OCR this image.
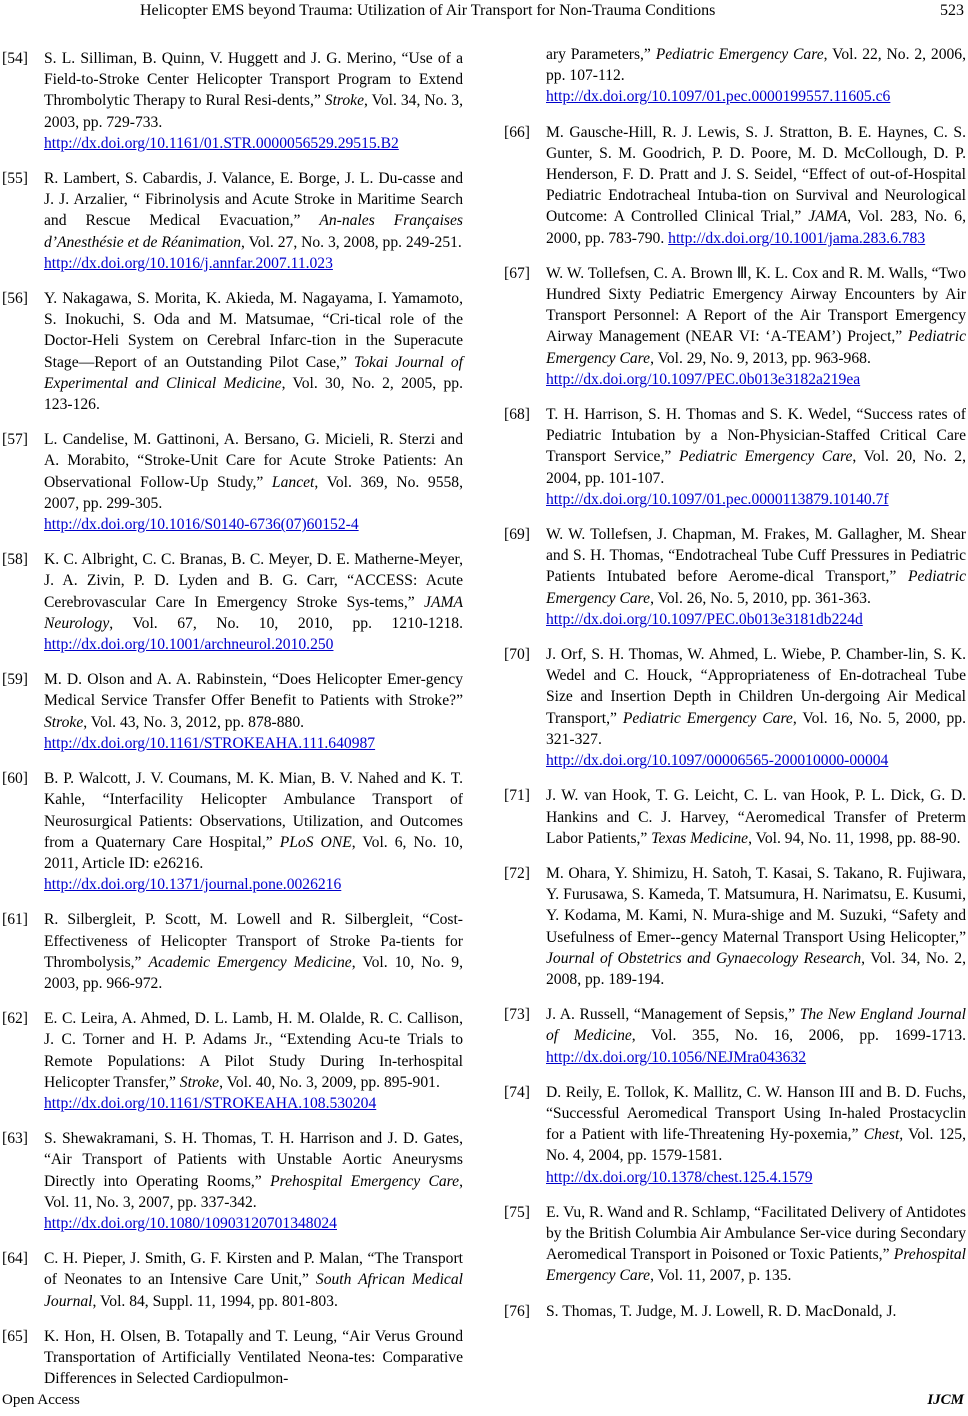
Helicopter EMS beyond Trauma: Utilization of Air Transport for Non-Trauma Conditions	523
[54]	S. L. Silliman, B. Quinn, V. Huggett and J. G. Merino, “Use of a Field-to-Stroke Center Helicopter Transport Program to Extend Thrombolytic Therapy to Rural Resi-dents,” Stroke, Vol. 34, No. 3, 2003, pp. 729-733.
http://dx.doi.org/10.1161/01.STR.0000056529.29515.B2
[55]	R. Lambert, S. Cabardis, J. Valance, E. Borge, J. L. Du-casse and J. J. Arzalier, “ Fibrinolysis and Acute Stroke in Maritime Search and Rescue Medical Evacuation,” An-nales Françaises d’Anesthésie et de Réanimation, Vol. 27, No. 3, 2008, pp. 249-251.
http://dx.doi.org/10.1016/j.annfar.2007.11.023
[56]	Y. Nakagawa, S. Morita, K. Akieda, M. Nagayama, I. Yamamoto, S. Inokuchi, S. Oda and M. Matsumae, “Cri-tical role of the Doctor-Heli System on Cerebral Infarc-tion in the Superacute Stage—Report of an Outstanding Pilot Case,” Tokai Journal of Experimental and Clinical Medicine, Vol. 30, No. 2, 2005, pp. 123-126.
[57]	L. Candelise, M. Gattinoni, A. Bersano, G. Micieli, R. Sterzi and A. Morabito, “Stroke-Unit Care for Acute Stroke Patients: An Observational Follow-Up Study,” Lancet, Vol. 369, No. 9558, 2007, pp. 299-305.
http://dx.doi.org/10.1016/S0140-6736(07)60152-4
[58]	K. C. Albright, C. C. Branas, B. C. Meyer, D. E. Matherne-Meyer, J. A. Zivin, P. D. Lyden and B. G. Carr, “ACCESS: Acute Cerebrovascular Care In Emergency Stroke Sys-tems,” JAMA Neurology, Vol. 67, No. 10, 2010, pp. 1210-1218. http://dx.doi.org/10.1001/archneurol.2010.250
[59]	M. D. Olson and A. A. Rabinstein, “Does Helicopter Emer-gency Medical Service Transfer Offer Benefit to Patients with Stroke?” Stroke, Vol. 43, No. 3, 2012, pp. 878-880.
http://dx.doi.org/10.1161/STROKEAHA.111.640987
[60]	B. P. Walcott, J. V. Coumans, M. K. Mian, B. V. Nahed and K. T. Kahle, “Interfacility Helicopter Ambulance Transport of Neurosurgical Patients: Observations, Utilization, and Outcomes from a Quaternary Care Hospital,” PLoS ONE, Vol. 6, No. 10, 2011, Article ID: e26216.
http://dx.doi.org/10.1371/journal.pone.0026216
[61]	R. Silbergleit, P. Scott, M. Lowell and R. Silbergleit, “Cost-Effectiveness of Helicopter Transport of Stroke Pa-tients for Thrombolysis,” Academic Emergency Medicine, Vol. 10, No. 9, 2003, pp. 966-972.
[62]	E. C. Leira, A. Ahmed, D. L. Lamb, H. M. Olalde, R. C. Callison, J. C. Torner and H. P. Adams Jr., “Extending Acu-te Trials to Remote Populations: A Pilot Study During In-terhospital Helicopter Transfer,” Stroke, Vol. 40, No. 3, 2009, pp. 895-901.
http://dx.doi.org/10.1161/STROKEAHA.108.530204
[63]	S. Shewakramani, S. H. Thomas, T. H. Harrison and J. D. Gates, “Air Transport of Patients with Unstable Aortic Aneurysms Directly into Operating Rooms,” Prehospital Emergency Care, Vol. 11, No. 3, 2007, pp. 337-342.
http://dx.doi.org/10.1080/10903120701348024
[64]	C. H. Pieper, J. Smith, G. F. Kirsten and P. Malan, “The Transport of Neonates to an Intensive Care Unit,” South African Medical Journal, Vol. 84, Suppl. 11, 1994, pp. 801-803.
[65]	K. Hon, H. Olsen, B. Totapally and T. Leung, “Air Verus Ground Transportation of Artificially Ventilated Neona-tes: Comparative Differences in Selected Cardiopulmon-
ary Parameters,” Pediatric Emergency Care, Vol. 22, No. 2, 2006, pp. 107-112.
http://dx.doi.org/10.1097/01.pec.0000199557.11605.c6
[66]	M. Gausche-Hill, R. J. Lewis, S. J. Stratton, B. E. Haynes, C. S. Gunter, S. M. Goodrich, P. D. Poore, M. D. McCollough, D. P. Henderson, F. D. Pratt and J. S. Seidel, “Effect of out-of-Hospital Pediatric Endotracheal Intuba-tion on Survival and Neurological Outcome: A Controlled Clinical Trial,” JAMA, Vol. 283, No. 6, 2000, pp. 783-790. http://dx.doi.org/10.1001/jama.283.6.783
[67]	W. W. Tollefsen, C. A. Brown Ⅲ, K. L. Cox and R. M. Walls, “Two Hundred Sixty Pediatric Emergency Airway Encounters by Air Transport Personnel: A Report of the Air Transport Emergency Airway Management (NEAR VI: ‘A-TEAM’) Project,” Pediatric Emergency Care, Vol. 29, No. 9, 2013, pp. 963-968.
http://dx.doi.org/10.1097/PEC.0b013e3182a219ea
[68]	T. H. Harrison, S. H. Thomas and S. K. Wedel, “Success rates of Pediatric Intubation by a Non-Physician-Staffed Critical Care Transport Service,” Pediatric Emergency Care, Vol. 20, No. 2, 2004, pp. 101-107.
http://dx.doi.org/10.1097/01.pec.0000113879.10140.7f
[69]	W. W. Tollefsen, J. Chapman, M. Frakes, M. Gallagher, M. Shear and S. H. Thomas, “Endotracheal Tube Cuff Pressures in Pediatric Patients Intubated before Aerome-dical Transport,” Pediatric Emergency Care, Vol. 26, No. 5, 2010, pp. 361-363.
http://dx.doi.org/10.1097/PEC.0b013e3181db224d
[70]	J. Orf, S. H. Thomas, W. Ahmed, L. Wiebe, P. Chamber-lin, S. K. Wedel and C. Houck, “Appropriateness of En-dotracheal Tube Size and Insertion Depth in Children Un-dergoing Air Medical Transport,” Pediatric Emergency Care, Vol. 16, No. 5, 2000, pp. 321-327.
http://dx.doi.org/10.1097/00006565-200010000-00004
[71]	J. W. van Hook, T. G. Leicht, C. L. van Hook, P. L. Dick, G. D. Hankins and C. J. Harvey, “Aeromedical Transfer of Preterm Labor Patients,” Texas Medicine, Vol. 94, No. 11, 1998, pp. 88-90.
[72]	M. Ohara, Y. Shimizu, H. Satoh, T. Kasai, S. Takano, R. Fujiwara, Y. Furusawa, S. Kameda, T. Matsumura, H. Narimatsu, E. Kusumi, Y. Kodama, M. Kami, N. Mura-shige and M. Suzuki, “Safety and Usefulness of Emer--gency Maternal Transport Using Helicopter,” Journal of Obstetrics and Gynaecology Research, Vol. 34, No. 2, 2008, pp. 189-194.
[73]	J. A. Russell, “Management of Sepsis,” The New England Journal of Medicine, Vol. 355, No. 16, 2006, pp. 1699-1713. http://dx.doi.org/10.1056/NEJMra043632
[74]	D. Reily, E. Tollok, K. Mallitz, C. W. Hanson III and B. D. Fuchs, “Successful Aeromedical Transport Using In-haled Prostacyclin for a Patient with life-Threatening Hy-poxemia,” Chest, Vol. 125, No. 4, 2004, pp. 1579-1581.
http://dx.doi.org/10.1378/chest.125.4.1579
[75]	E. Vu, R. Wand and R. Schlamp, “Facilitated Delivery of Antidotes by the British Columbia Air Ambulance Ser-vice during Secondary Aeromedical Transport in Poisoned or Toxic Patients,” Prehospital Emergency Care, Vol. 11, 2007, p. 135.
[76]	S. Thomas, T. Judge, M. J. Lowell, R. D. MacDonald, J.
Open Access	IJCM
